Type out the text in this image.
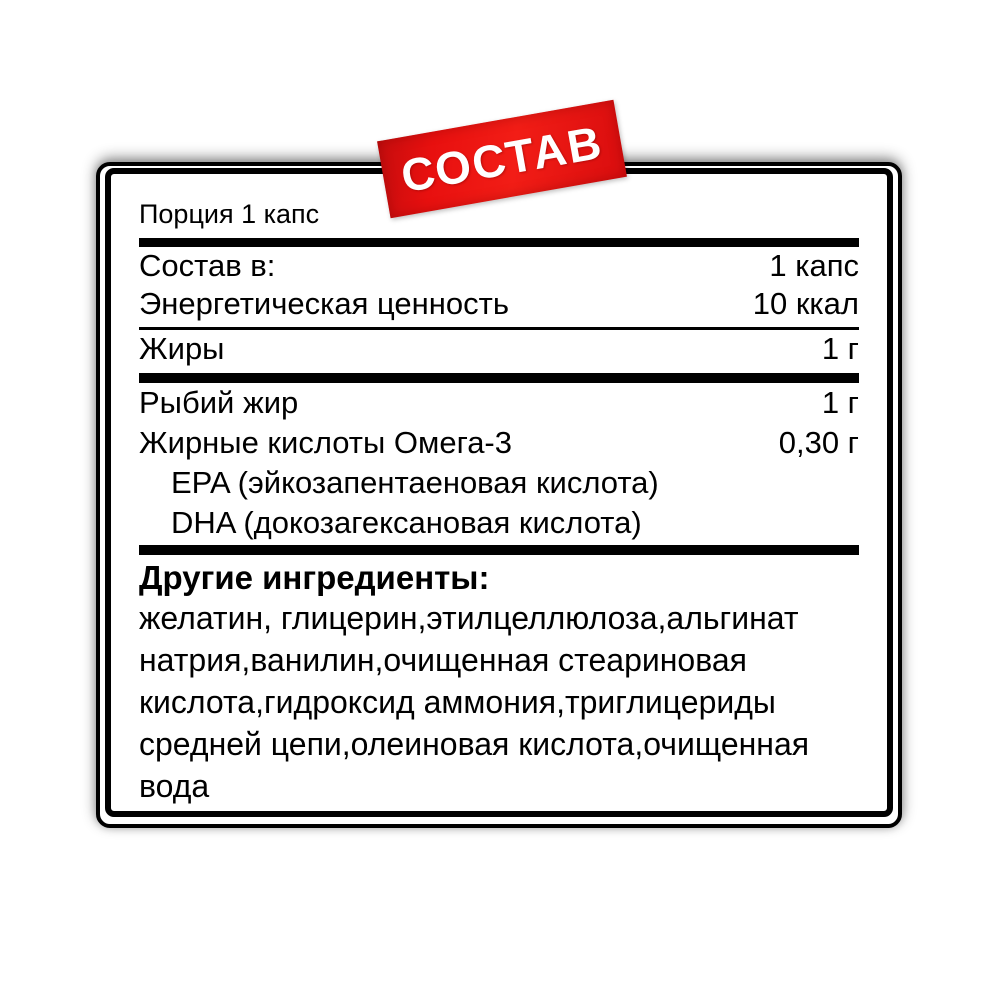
Порция 1 капс
Состав в:	1 капс
Энергетическая ценность	10 ккал
Жиры	1 г
Рыбий жир	1 г
Жирные кислоты Омега-3	0,30 г
EPA (эйкозапентаеновая кислота)
DHA (докозагексановая кислота)
Другие ингредиенты:
желатин, глицерин,этилцеллюлоза,альгинат натрия,ванилин,очищенная стеариновая кислота,гидроксид аммония,триглицериды средней цепи,олеиновая кислота,очищенная вода
СОСТАВ
